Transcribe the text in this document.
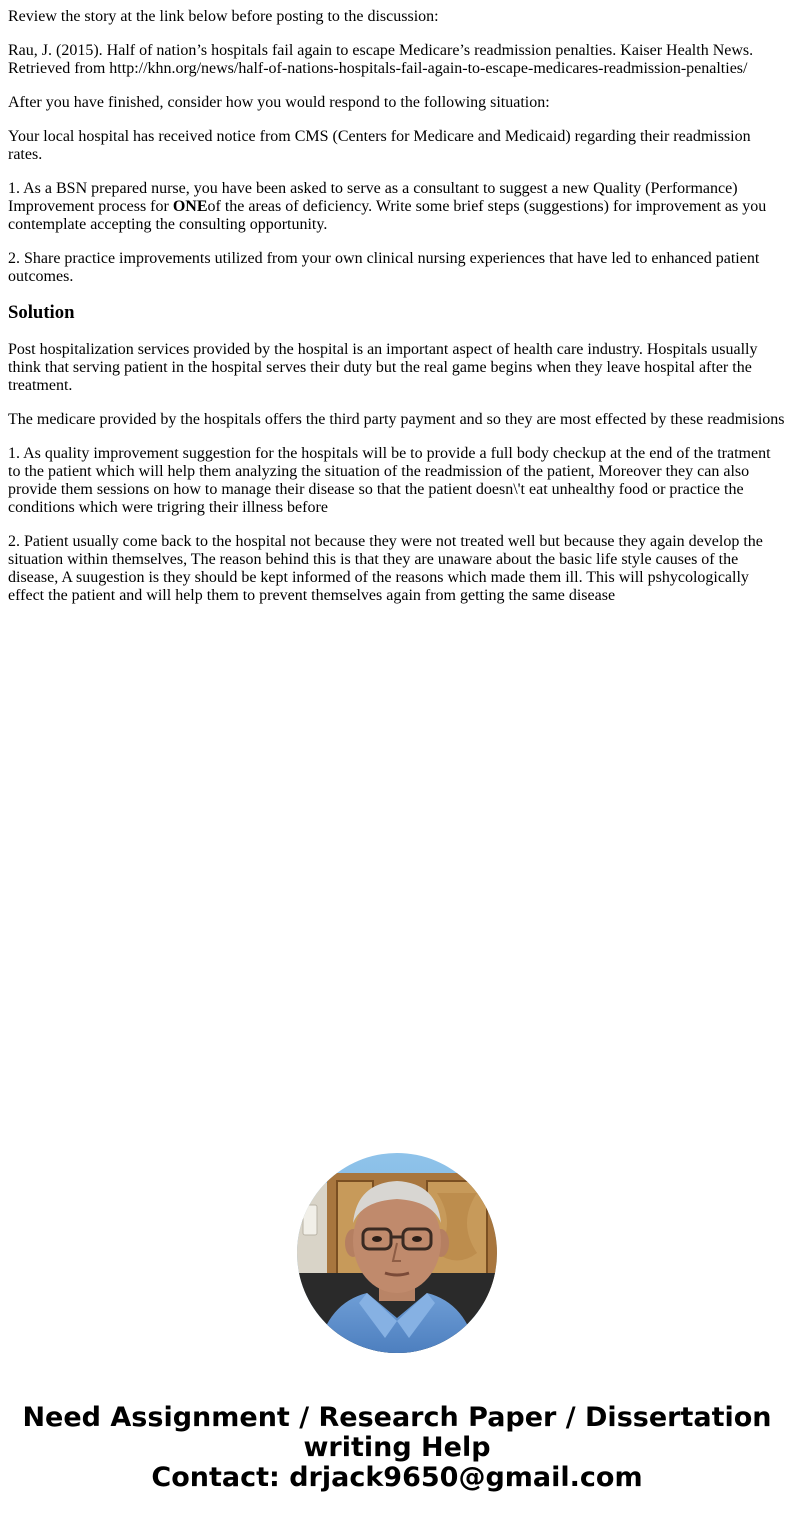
Review the story at the link below before posting to the discussion:

Rau, J. (2015). Half of nation’s hospitals fail again to escape Medicare’s readmission penalties. Kaiser Health News.
Retrieved from http://khn.org/news/half-of-nations-hospitals-fail-again-to-escape-medicares-readmission-penalties/

After you have finished, consider how you would respond to the following situation:

Your local hospital has received notice from CMS (Centers for Medicare and Medicaid) regarding their readmission rates.

1. As a BSN prepared nurse, you have been asked to serve as a consultant to suggest a new Quality (Performance) Improvement process for ONEof the areas of deficiency. Write some brief steps (suggestions) for improvement as you contemplate accepting the consulting opportunity.

2. Share practice improvements utilized from your own clinical nursing experiences that have led to enhanced patient outcomes.

Solution

Post hospitalization services provided by the hospital is an important aspect of health care industry. Hospitals usually think that serving patient in the hospital serves their duty but the real game begins when they leave hospital after the treatment.

The medicare provided by the hospitals offers the third party payment and so they are most effected by these readmisions

1. As quality improvement suggestion for the hospitals will be to provide a full body checkup at the end of the tratment to the patient which will help them analyzing the situation of the readmission of the patient, Moreover they can also provide them sessions on how to manage their disease so that the patient doesn\'t eat unhealthy food or practice the conditions which were trigring their illness before

2. Patient usually come back to the hospital not because they were not treated well but because they again develop the situation within themselves, The reason behind this is that they are unaware about the basic life style causes of the disease, A suugestion is they should be kept informed of the reasons which made them ill. This will pshycologically effect the patient and will help them to prevent themselves again from getting the same disease

Need Assignment / Research Paper / Dissertation
writing Help
Contact: drjack9650@gmail.com
